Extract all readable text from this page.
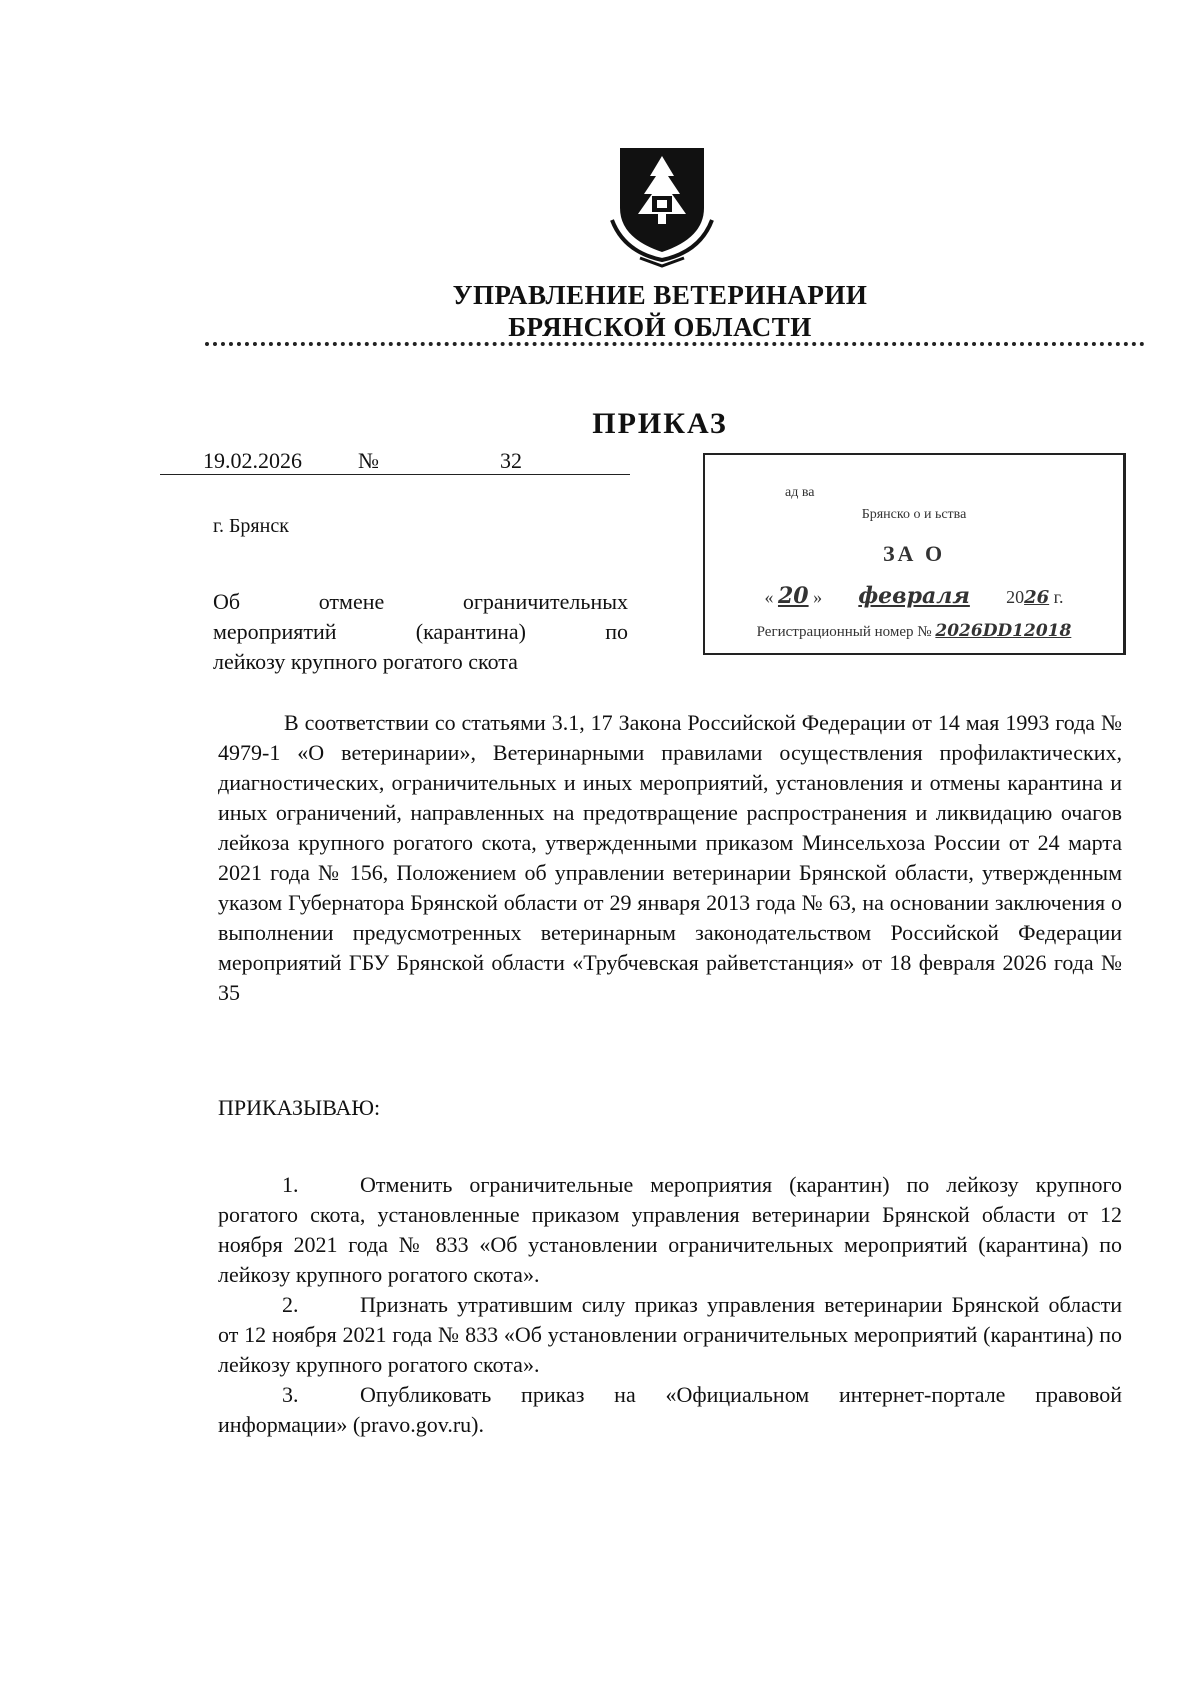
УПРАВЛЕНИЕ ВЕТЕРИНАРИИ
БРЯНСКОЙ ОБЛАСТИ
ПРИКАЗ
19.02.2026	№	32
г. Брянск
Об отмене ограничительных
мероприятий (карантина) по
лейкозу крупного рогатого скота
ад ва
Брянско о и ьства
ЗА О
« 20 » февраля 2026 г.
Регистрационный номер № 2026DD12018

В соответствии со статьями 3.1, 17 Закона Российской Федерации от 14 мая 1993 года № 4979-1 «О ветеринарии», Ветеринарными правилами осуществления профилактических, диагностических, ограничительных и иных мероприятий, установления и отмены карантина и иных ограничений, направленных на предотвращение распространения и ликвидацию очагов лейкоза крупного рогатого скота, утвержденными приказом Минсельхоза России от 24 марта 2021 года № 156, Положением об управлении ветеринарии Брянской области, утвержденным указом Губернатора Брянской области от 29 января 2013 года № 63, на основании заключения о выполнении предусмотренных ветеринарным законодательством Российской Федерации мероприятий ГБУ Брянской области «Трубчевская райветстанция» от 18 февраля 2026 года № 35

ПРИКАЗЫВАЮ:

1.	Отменить ограничительные мероприятия (карантин) по лейкозу крупного рогатого скота, установленные приказом управления ветеринарии Брянской области от 12 ноября 2021 года № 833 «Об установлении ограничительных мероприятий (карантина) по лейкозу крупного рогатого скота».

2.	Признать утратившим силу приказ управления ветеринарии Брянской области от 12 ноября 2021 года № 833 «Об установлении ограничительных мероприятий (карантина) по лейкозу крупного рогатого скота».

3.	Опубликовать приказ на «Официальном интернет-портале правовой информации» (pravo.gov.ru).
